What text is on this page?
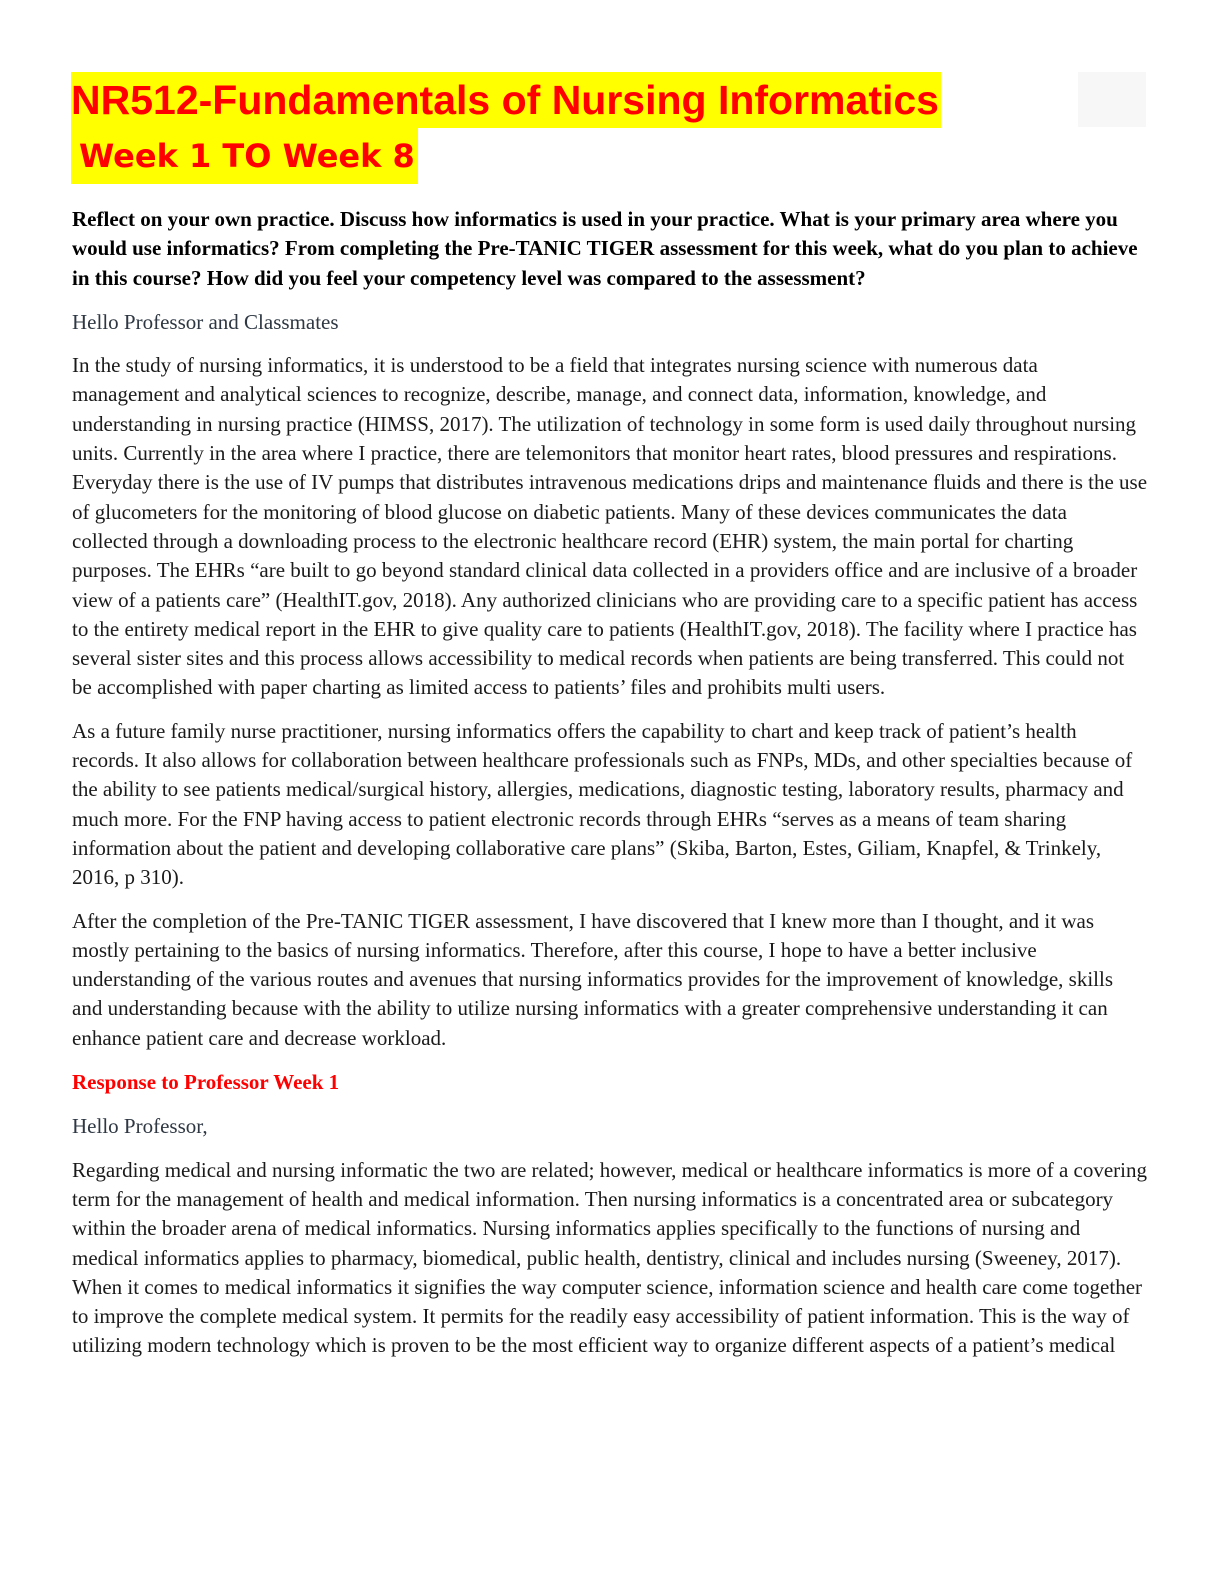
NR512-Fundamentals of Nursing Informatics
Week 1 TO Week 8

Reflect on your own practice. Discuss how informatics is used in your practice. What is your primary area where you would use informatics? From completing the Pre-TANIC TIGER assessment for this week, what do you plan to achieve in this course? How did you feel your competency level was compared to the assessment?

Hello Professor and Classmates

In the study of nursing informatics, it is understood to be a field that integrates nursing science with numerous data management and analytical sciences to recognize, describe, manage, and connect data, information, knowledge, and understanding in nursing practice (HIMSS, 2017). The utilization of technology in some form is used daily throughout nursing units. Currently in the area where I practice, there are telemonitors that monitor heart rates, blood pressures and respirations. Everyday there is the use of IV pumps that distributes intravenous medications drips and maintenance fluids and there is the use of glucometers for the monitoring of blood glucose on diabetic patients. Many of these devices communicates the data collected through a downloading process to the electronic healthcare record (EHR) system, the main portal for charting purposes. The EHRs “are built to go beyond standard clinical data collected in a providers office and are inclusive of a broader view of a patients care” (HealthIT.gov, 2018). Any authorized clinicians who are providing care to a specific patient has access to the entirety medical report in the EHR to give quality care to patients (HealthIT.gov, 2018). The facility where I practice has several sister sites and this process allows accessibility to medical records when patients are being transferred. This could not be accomplished with paper charting as limited access to patients’ files and prohibits multi users.

As a future family nurse practitioner, nursing informatics offers the capability to chart and keep track of patient’s health records. It also allows for collaboration between healthcare professionals such as FNPs, MDs, and other specialties because of the ability to see patients medical/surgical history, allergies, medications, diagnostic testing, laboratory results, pharmacy and much more. For the FNP having access to patient electronic records through EHRs “serves as a means of team sharing information about the patient and developing collaborative care plans” (Skiba, Barton, Estes, Giliam, Knapfel, & Trinkely, 2016, p 310).

After the completion of the Pre-TANIC TIGER assessment, I have discovered that I knew more than I thought, and it was mostly pertaining to the basics of nursing informatics. Therefore, after this course, I hope to have a better inclusive understanding of the various routes and avenues that nursing informatics provides for the improvement of knowledge, skills and understanding because with the ability to utilize nursing informatics with a greater comprehensive understanding it can enhance patient care and decrease workload.

Response to Professor Week 1

Hello Professor,

Regarding medical and nursing informatic the two are related; however, medical or healthcare informatics is more of a covering term for the management of health and medical information. Then nursing informatics is a concentrated area or subcategory within the broader arena of medical informatics. Nursing informatics applies specifically to the functions of nursing and medical informatics applies to pharmacy, biomedical, public health, dentistry, clinical and includes nursing (Sweeney, 2017). When it comes to medical informatics it signifies the way computer science, information science and health care come together to improve the complete medical system. It permits for the readily easy accessibility of patient information. This is the way of utilizing modern technology which is proven to be the most efficient way to organize different aspects of a patient’s medical
